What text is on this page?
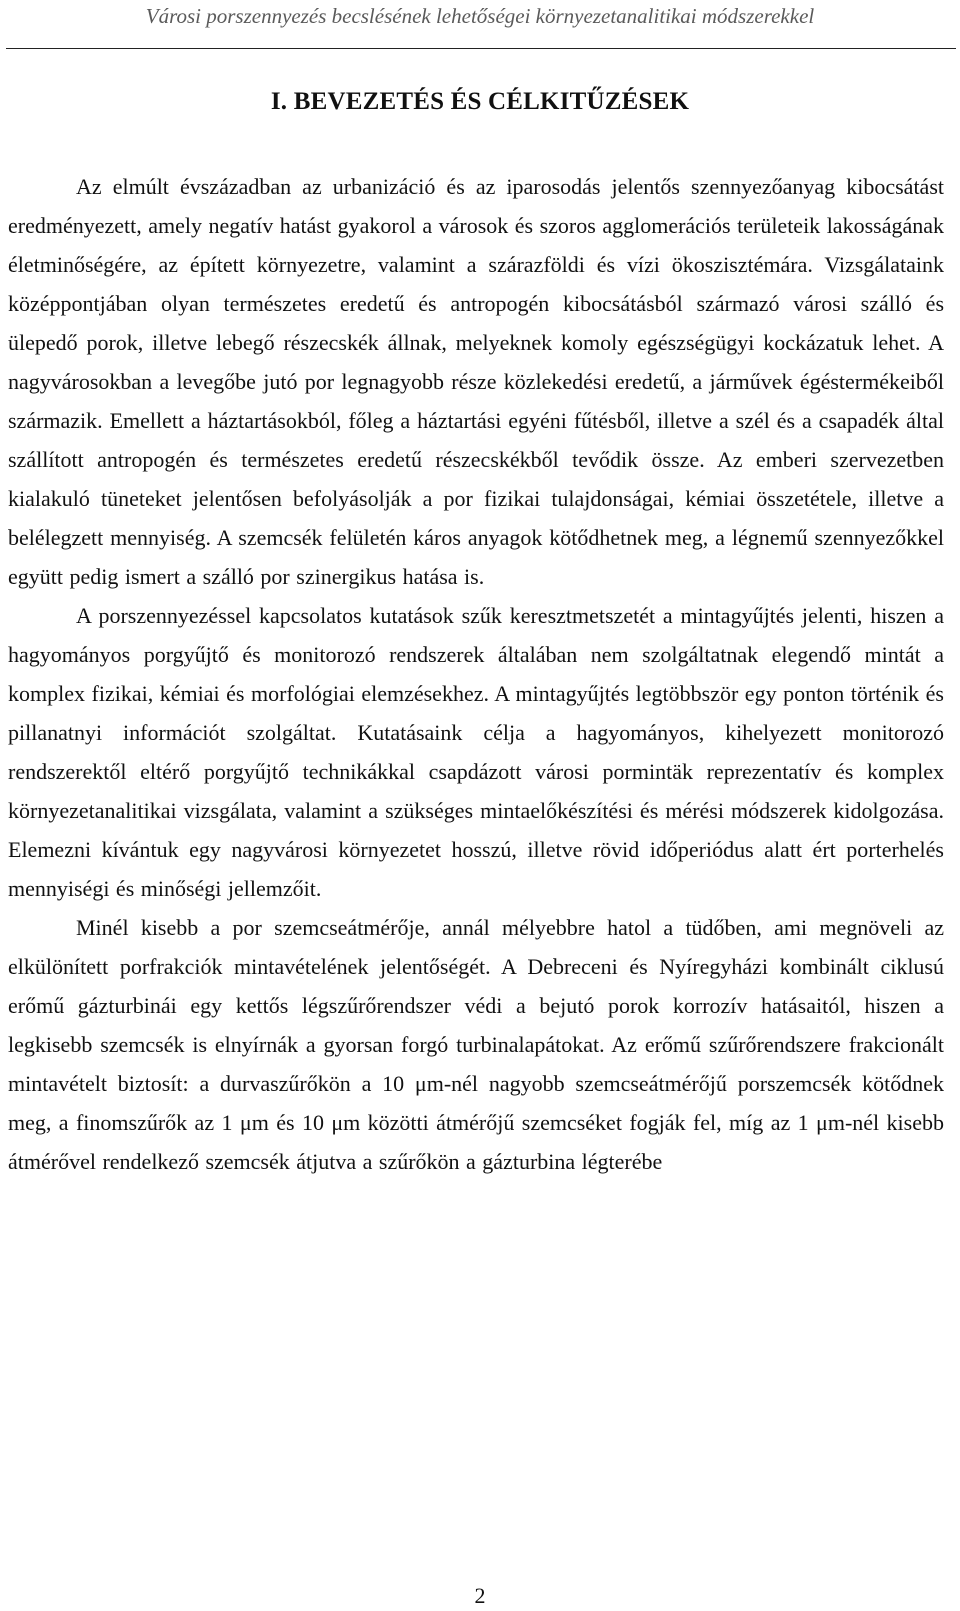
Városi porszennyezés becslésének lehetőségei környezetanalitikai módszerekkel
I. BEVEZETÉS ÉS CÉLKITŰZÉSEK

Az elmúlt évszázadban az urbanizáció és az iparosodás jelentős szennyezőanyag kibocsátást eredményezett, amely negatív hatást gyakorol a városok és szoros agglomerációs területeik lakosságának életminőségére, az épített környezetre, valamint a szárazföldi és vízi ökoszisztémára. Vizsgálataink középpontjában olyan természetes eredetű és antropogén kibocsátásból származó városi szálló és ülepedő porok, illetve lebegő részecskék állnak, melyeknek komoly egészségügyi kockázatuk lehet. A nagyvárosokban a levegőbe jutó por legnagyobb része közlekedési eredetű, a járművek égéstermékeiből származik. Emellett a háztartásokból, főleg a háztartási egyéni fűtésből, illetve a szél és a csapadék által szállított antropogén és természetes eredetű részecskékből tevődik össze. Az emberi szervezetben kialakuló tüneteket jelentősen befolyásolják a por fizikai tulajdonságai, kémiai összetétele, illetve a belélegzett mennyiség. A szemcsék felületén káros anyagok kötődhetnek meg, a légnemű szennyezőkkel együtt pedig ismert a szálló por szinergikus hatása is.

A porszennyezéssel kapcsolatos kutatások szűk keresztmetszetét a mintagyűjtés jelenti, hiszen a hagyományos porgyűjtő és monitorozó rendszerek általában nem szolgáltatnak elegendő mintát a komplex fizikai, kémiai és morfológiai elemzésekhez. A mintagyűjtés legtöbbször egy ponton történik és pillanatnyi információt szolgáltat. Kutatásaink célja a hagyományos, kihelyezett monitorozó rendszerektől eltérő porgyűjtő technikákkal csapdázott városi pormintäk reprezentatív és komplex környezetanalitikai vizsgálata, valamint a szükséges mintaelőkészítési és mérési módszerek kidolgozása. Elemezni kívántuk egy nagyvárosi környezetet hosszú, illetve rövid időperiódus alatt ért porterhelés mennyiségi és minőségi jellemzőit.

Minél kisebb a por szemcseátmérője, annál mélyebbre hatol a tüdőben, ami megnöveli az elkülönített porfrakciók mintavételének jelentőségét. A Debreceni és Nyíregyházi kombinált ciklusú erőmű gázturbinái egy kettős légszűrőrendszer védi a bejutó porok korrozív hatásaitól, hiszen a legkisebb szemcsék is elnyírnák a gyorsan forgó turbinalapátokat. Az erőmű szűrőrendszere frakcionált mintavételt biztosít: a durvaszűrőkön a 10 μm-nél nagyobb szemcseátmérőjű porszemcsék kötődnek meg, a finomszűrők az 1 μm és 10 μm közötti átmérőjű szemcséket fogják fel, míg az 1 μm-nél kisebb átmérővel rendelkező szemcsék átjutva a szűrőkön a gázturbina légterébe

2
